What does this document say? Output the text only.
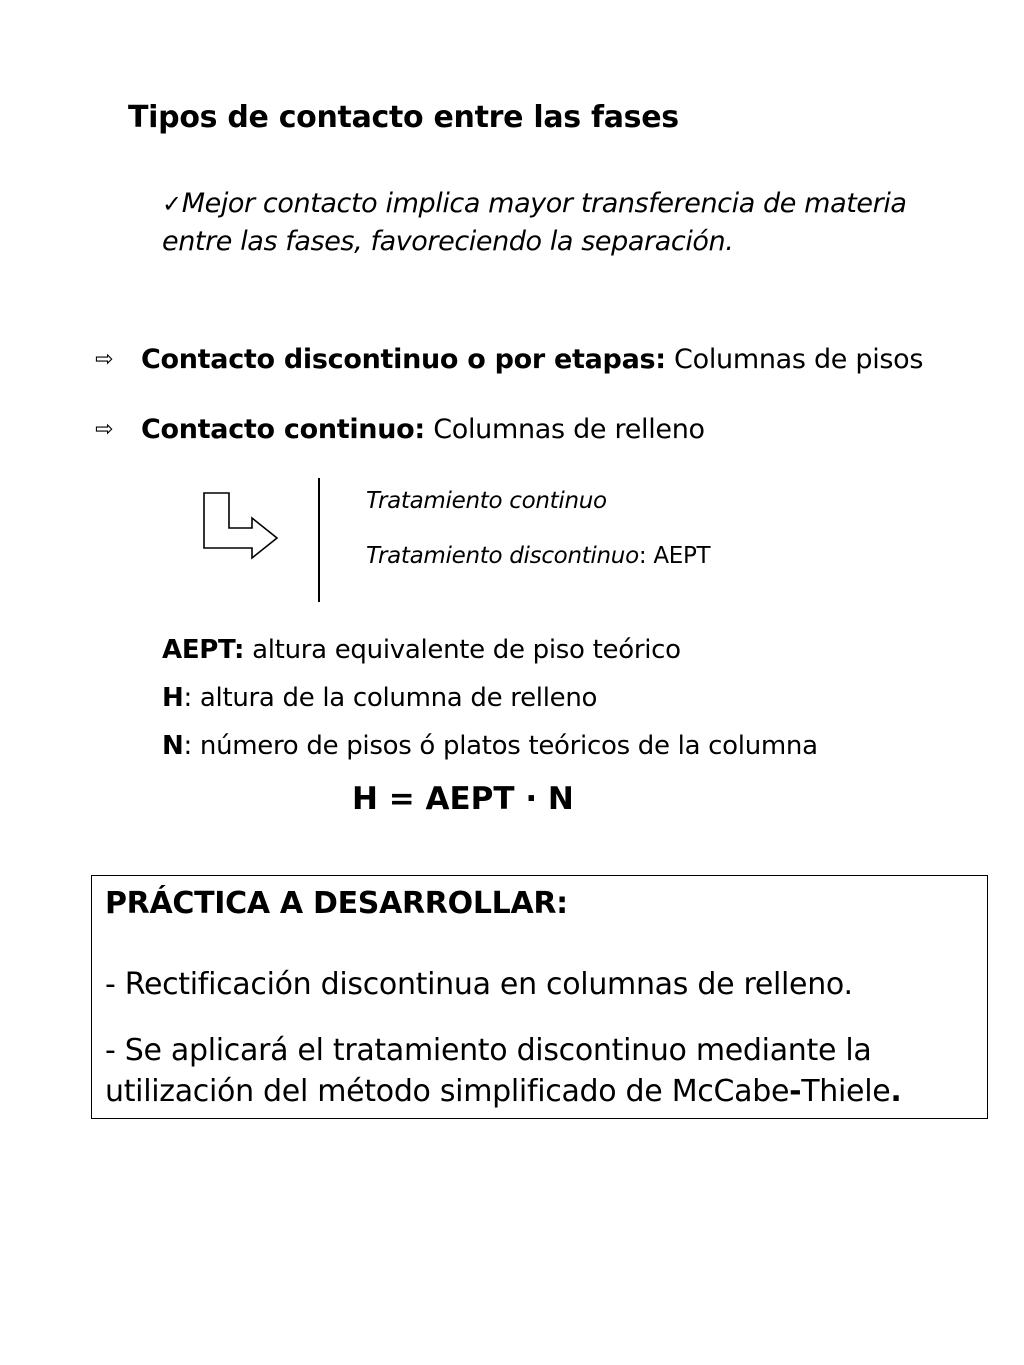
Tipos de contacto entre las fases
✓Mejor contacto implica mayor transferencia de materia
entre las fases, favoreciendo la separación.
⇨ Contacto discontinuo o por etapas: Columnas de pisos
⇨ Contacto continuo: Columnas de relleno
Tratamiento continuo
Tratamiento discontinuo: AEPT
AEPT: altura equivalente de piso teórico
H: altura de la columna de relleno
N: número de pisos ó platos teóricos de la columna
H = AEPT · N
PRÁCTICA A DESARROLLAR:
- Rectificación discontinua en columnas de relleno.
- Se aplicará el tratamiento discontinuo mediante la
utilización del método simplificado de McCabe-Thiele.
